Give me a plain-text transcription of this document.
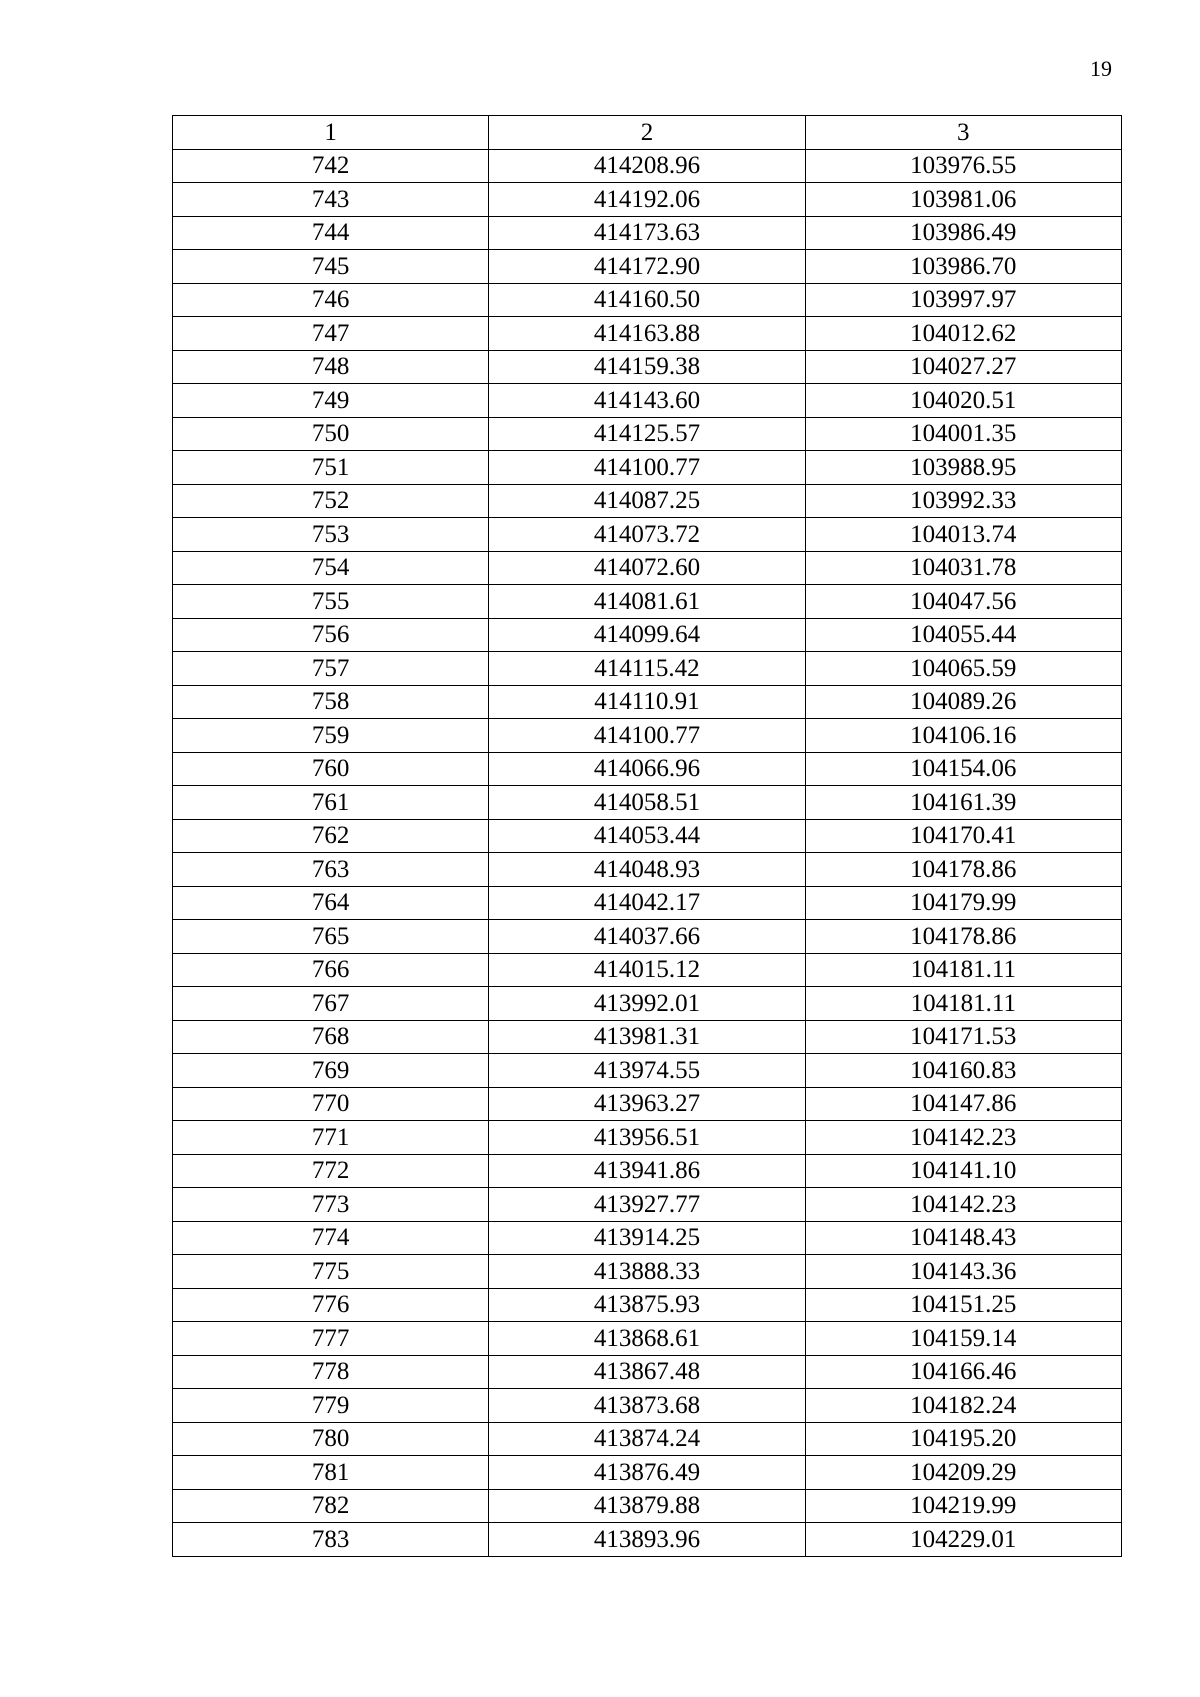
19
1	2	3
742	414208.96	103976.55
743	414192.06	103981.06
744	414173.63	103986.49
745	414172.90	103986.70
746	414160.50	103997.97
747	414163.88	104012.62
748	414159.38	104027.27
749	414143.60	104020.51
750	414125.57	104001.35
751	414100.77	103988.95
752	414087.25	103992.33
753	414073.72	104013.74
754	414072.60	104031.78
755	414081.61	104047.56
756	414099.64	104055.44
757	414115.42	104065.59
758	414110.91	104089.26
759	414100.77	104106.16
760	414066.96	104154.06
761	414058.51	104161.39
762	414053.44	104170.41
763	414048.93	104178.86
764	414042.17	104179.99
765	414037.66	104178.86
766	414015.12	104181.11
767	413992.01	104181.11
768	413981.31	104171.53
769	413974.55	104160.83
770	413963.27	104147.86
771	413956.51	104142.23
772	413941.86	104141.10
773	413927.77	104142.23
774	413914.25	104148.43
775	413888.33	104143.36
776	413875.93	104151.25
777	413868.61	104159.14
778	413867.48	104166.46
779	413873.68	104182.24
780	413874.24	104195.20
781	413876.49	104209.29
782	413879.88	104219.99
783	413893.96	104229.01
